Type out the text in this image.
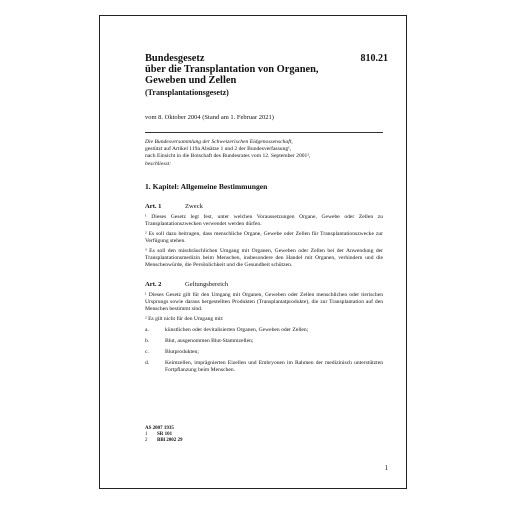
810.21
Bundesgesetz
über die Transplantation von Organen,
Geweben und Zellen
(Transplantationsgesetz)
vom 8. Oktober 2004 (Stand am 1. Februar 2021)
Die Bundesversammlung der Schweizerischen Eidgenossenschaft,
gestützt auf Artikel 119a Absätze 1 und 2 der Bundesverfassung¹,
nach Einsicht in die Botschaft des Bundesrates vom 12. September 2001²,
beschliesst:
1. Kapitel: Allgemeine Bestimmungen
Art. 1	Zweck
¹ Dieses Gesetz legt fest, unter welchen Voraussetzungen Organe, Gewebe oder Zellen zu Transplantationszwecken verwendet werden dürfen.
² Es soll dazu beitragen, dass menschliche Organe, Gewebe oder Zellen für Transplantationszwecke zur Verfügung stehen.
³ Es soll den missbräuchlichen Umgang mit Organen, Geweben oder Zellen bei der Anwendung der Transplantationsmedizin beim Menschen, insbesondere den Handel mit Organen, verhindern und die Menschenwürde, die Persönlichkeit und die Gesundheit schützen.
Art. 2	Geltungsbereich
¹ Dieses Gesetz gilt für den Umgang mit Organen, Geweben oder Zellen menschlichen oder tierischen Ursprungs sowie daraus hergestellten Produkten (Transplantatprodukte), die zur Transplantation auf den Menschen bestimmt sind.
² Es gilt nicht für den Umgang mit:
a.	künstlichen oder devitalisierten Organen, Geweben oder Zellen;
b.	Blut, ausgenommen Blut-Stammzellen;
c.	Blutprodukten;
d.	Keimzellen, imprägnierten Eizellen und Embryonen im Rahmen der medizinisch unterstützten Fortpflanzung beim Menschen.
AS 2007 1935
1	SR 101
2	BBl 2002 29
1
